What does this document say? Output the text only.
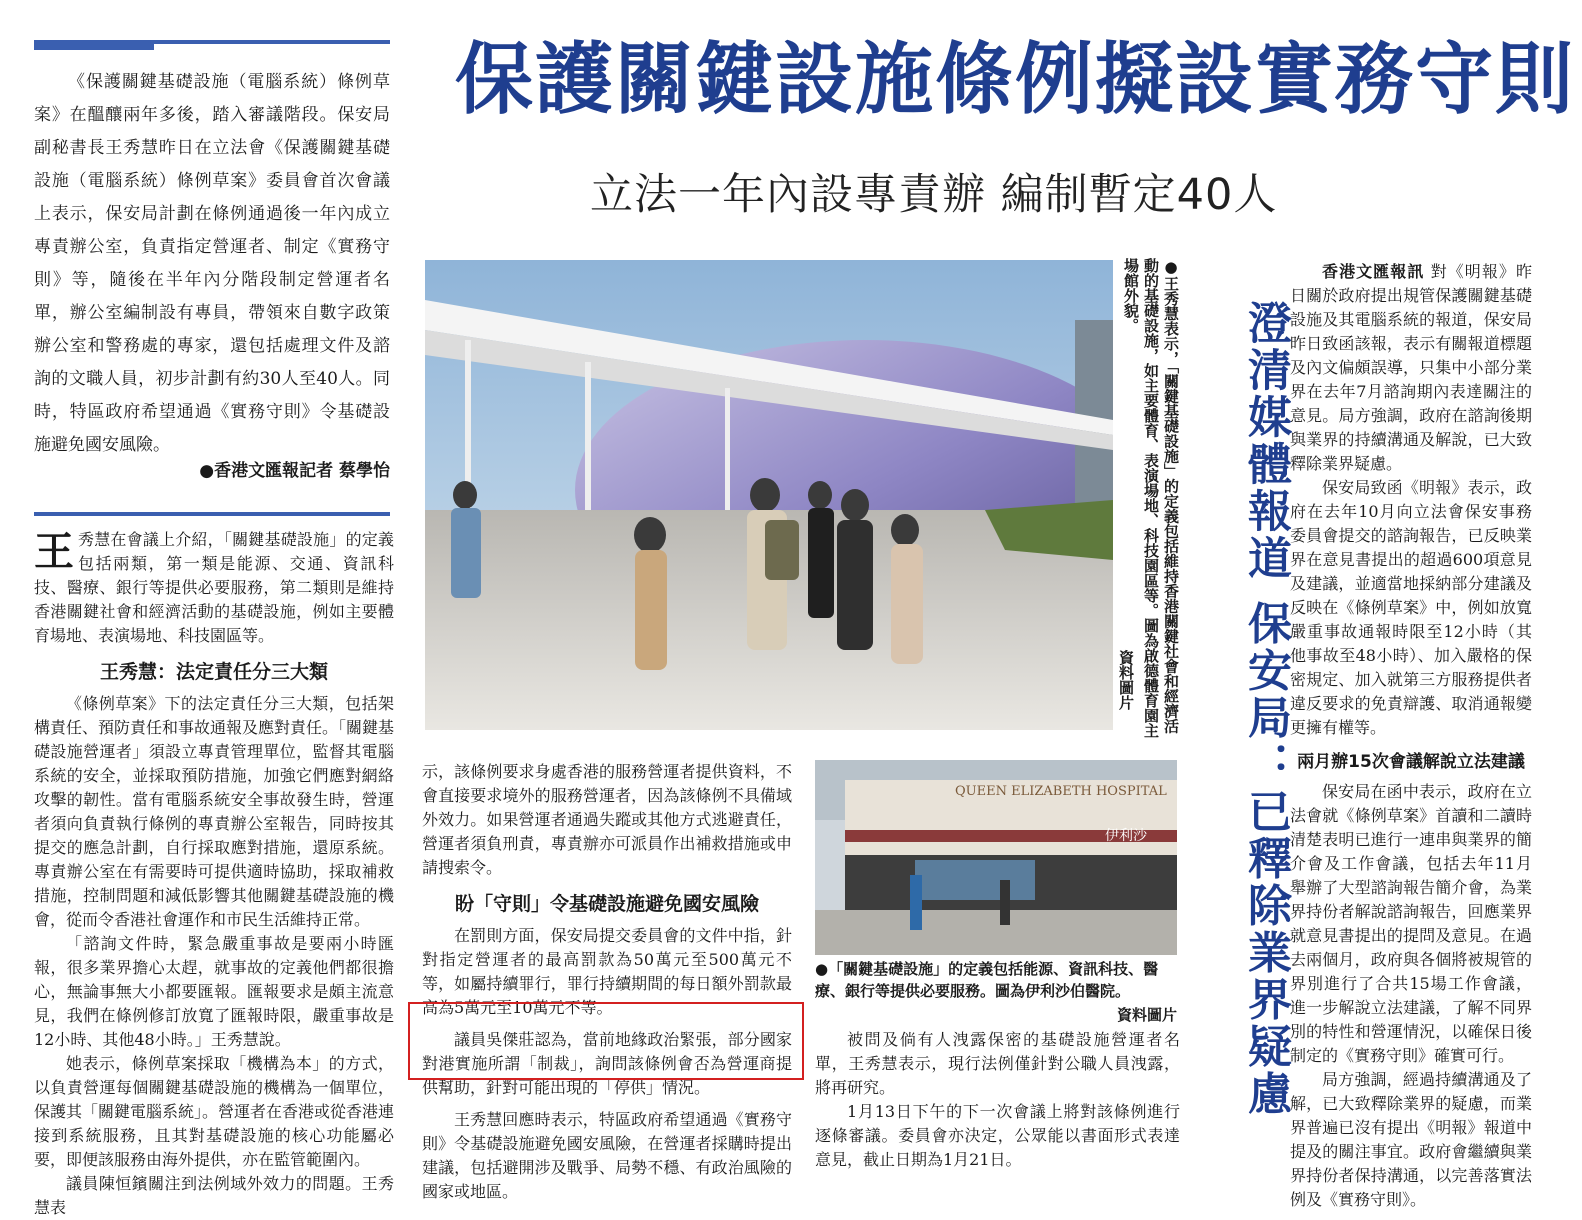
保護關鍵設施條例擬設實務守則
立法一年內設專責辦 編制暫定40人

《保護關鍵基礎設施（電腦系統）條例草案》在醞釀兩年多後，踏入審議階段。保安局副秘書長王秀慧昨日在立法會《保護關鍵基礎設施（電腦系統）條例草案》委員會首次會議上表示，保安局計劃在條例通過後一年內成立專責辦公室，負責指定營運者、制定《實務守則》等，隨後在半年內分階段制定營運者名單，辦公室編制設有專員，帶領來自數字政策辦公室和警務處的專家，還包括處理文件及諮詢的文職人員，初步計劃有約30人至40人。同時，特區政府希望通過《實務守則》令基礎設施避免國安風險。

●香港文匯報記者 蔡學怡
王秀慧在會議上介紹，「關鍵基礎設施」的定義包括兩類，第一類是能源、交通、資訊科技、醫療、銀行等提供必要服務，第二類則是維持香港關鍵社會和經濟活動的基礎設施，例如主要體育場地、表演場地、科技園區等。
王秀慧：法定責任分三大類

《條例草案》下的法定責任分三大類，包括架構責任、預防責任和事故通報及應對責任。「關鍵基礎設施營運者」須設立專責管理單位，監督其電腦系統的安全，並採取預防措施，加強它們應對網絡攻擊的韌性。當有電腦系統安全事故發生時，營運者須向負責執行條例的專責辦公室報告，同時按其提交的應急計劃，自行採取應對措施，還原系統。專責辦公室在有需要時可提供適時協助，採取補救措施，控制問題和減低影響其他關鍵基礎設施的機會，從而令香港社會運作和市民生活維持正常。

「諮詢文件時，緊急嚴重事故是要兩小時匯報，很多業界擔心太趕，就事故的定義他們都很擔心，無論事無大小都要匯報。匯報要求是頗主流意見，我們在條例修訂放寬了匯報時限，嚴重事故是12小時、其他48小時。」王秀慧說。

她表示，條例草案採取「機構為本」的方式，以負責營運每個關鍵基礎設施的機構為一個單位，保護其「關鍵電腦系統」。營運者在香港或從香港連接到系統服務，且其對基礎設施的核心功能屬必要，即便該服務由海外提供，亦在監管範圍內。

議員陳恒鑌關注到法例域外效力的問題。王秀慧表

●王秀慧表示，「關鍵基礎設施」的定義包括維持香港關鍵社會和經濟活動的基礎設施，如主要體育、表演場地、科技園區等。圖為啟德體育園主場館外貌。
資料圖片
示，該條例要求身處香港的服務營運者提供資料，不會直接要求境外的服務營運者，因為該條例不具備域外效力。如果營運者通過失蹤或其他方式逃避責任，營運者須負刑責，專責辦亦可派員作出補救措施或申請搜索令。
盼「守則」令基礎設施避免國安風險

在罰則方面，保安局提交委員會的文件中指，針對指定營運者的最高罰款為50萬元至500萬元不等，如屬持續罪行，罪行持續期間的每日額外罰款最高為5萬元至10萬元不等。

議員吳傑莊認為，當前地緣政治緊張，部分國家對港實施所謂「制裁」，詢問該條例會否為營運商提供幫助，針對可能出現的「停供」情況。

王秀慧回應時表示，特區政府希望通過《實務守則》令基礎設施避免國安風險，在營運者採購時提出建議，包括避開涉及戰爭、局勢不穩、有政治風險的國家或地區。

QUEEN ELIZABETH HOSPITAL
伊利沙
●「關鍵基礎設施」的定義包括能源、資訊科技、醫療、銀行等提供必要服務。圖為伊利沙伯醫院。
資料圖片

被問及倘有人洩露保密的基礎設施營運者名單，王秀慧表示，現行法例僅針對公職人員洩露，將再研究。

1月13日下午的下一次會議上將對該條例進行逐條審議。委員會亦決定，公眾能以書面形式表達意見，截止日期為1月21日。

澄清媒體報道 保安局：已釋除業界疑慮

香港文匯報訊 對《明報》昨日關於政府提出規管保護關鍵基礎設施及其電腦系統的報道，保安局昨日致函該報，表示有關報道標題及內文偏頗誤導，只集中小部分業界在去年7月諮詢期內表達關注的意見。局方強調，政府在諮詢後期與業界的持續溝通及解說，已大致釋除業界疑慮。

保安局致函《明報》表示，政府在去年10月向立法會保安事務委員會提交的諮詢報告，已反映業界在意見書提出的超過600項意見及建議，並適當地採納部分建議及反映在《條例草案》中，例如放寬嚴重事故通報時限至12小時（其他事故至48小時）、加入嚴格的保密規定、加入就第三方服務提供者違反要求的免責辯護、取消通報變更擁有權等。

兩月辦15次會議解說立法建議

保安局在函中表示，政府在立法會就《條例草案》首讀和二讀時清楚表明已進行一連串與業界的簡介會及工作會議，包括去年11月舉辦了大型諮詢報告簡介會，為業界持份者解說諮詢報告，回應業界就意見書提出的提問及意見。在過去兩個月，政府與各個將被規管的界別進行了合共15場工作會議，進一步解說立法建議，了解不同界別的特性和營運情況，以確保日後制定的《實務守則》確實可行。

局方強調，經過持續溝通及了解，已大致釋除業界的疑慮，而業界普遍已沒有提出《明報》報道中提及的關注事宜。政府會繼續與業界持份者保持溝通，以完善落實法例及《實務守則》。
